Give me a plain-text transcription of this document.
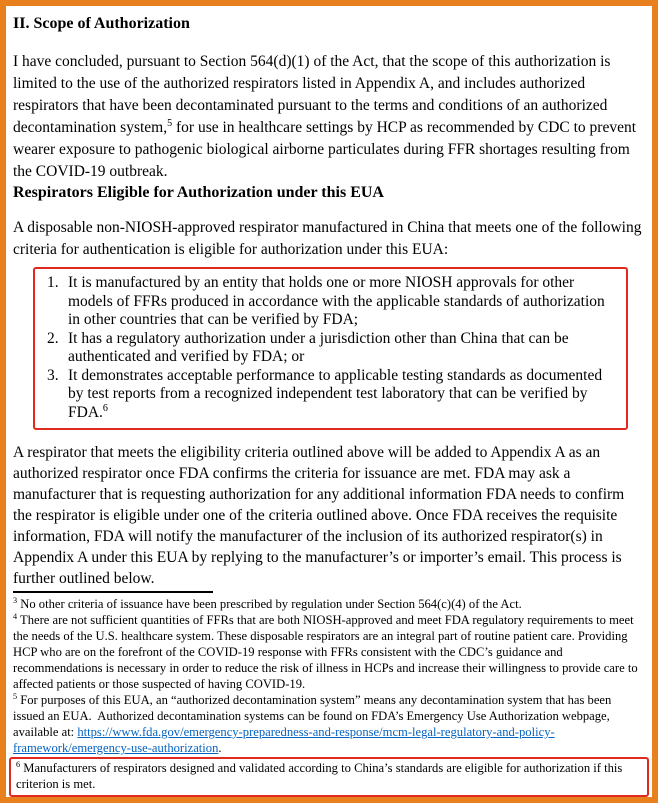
II. Scope of Authorization

I have concluded, pursuant to Section 564(d)(1) of the Act, that the scope of this authorization is limited to the use of the authorized respirators listed in Appendix A, and includes authorized respirators that have been decontaminated pursuant to the terms and conditions of an authorized decontamination system,$^5$ for use in healthcare settings by HCP as recommended by CDC to prevent wearer exposure to pathogenic biological airborne particulates during FFR shortages resulting from the COVID-19 outbreak.

Respirators Eligible for Authorization under this EUA

A disposable non-NIOSH-approved respirator manufactured in China that meets one of the following criteria for authentication is eligible for authorization under this EUA:

1. It is manufactured by an entity that holds one or more NIOSH approvals for other models of FFRs produced in accordance with the applicable standards of authorization in other countries that can be verified by FDA;
2. It has a regulatory authorization under a jurisdiction other than China that can be authenticated and verified by FDA; or
3. It demonstrates acceptable performance to applicable testing standards as documented by test reports from a recognized independent test laboratory that can be verified by FDA.$^6$

A respirator that meets the eligibility criteria outlined above will be added to Appendix A as an authorized respirator once FDA confirms the criteria for issuance are met. FDA may ask a manufacturer that is requesting authorization for any additional information FDA needs to confirm the respirator is eligible under one of the criteria outlined above. Once FDA receives the requisite information, FDA will notify the manufacturer of the inclusion of its authorized respirator(s) in Appendix A under this EUA by replying to the manufacturer’s or importer’s email. This process is further outlined below.

$^3$ No other criteria of issuance have been prescribed by regulation under Section 564(c)(4) of the Act.

$^4$ There are not sufficient quantities of FFRs that are both NIOSH-approved and meet FDA regulatory requirements to meet the needs of the U.S. healthcare system. These disposable respirators are an integral part of routine patient care. Providing HCP who are on the forefront of the COVID-19 response with FFRs consistent with the CDC’s guidance and recommendations is necessary in order to reduce the risk of illness in HCPs and increase their willingness to provide care to affected patients or those suspected of having COVID-19.

$^5$ For purposes of this EUA, an “authorized decontamination system” means any decontamination system that has been issued an EUA.  Authorized decontamination systems can be found on FDA’s Emergency Use Authorization webpage, available at: https://www.fda.gov/emergency-preparedness-and-response/mcm-legal-regulatory-and-policy-framework/emergency-use-authorization.

$^6$ Manufacturers of respirators designed and validated according to China’s standards are eligible for authorization if this criterion is met.
